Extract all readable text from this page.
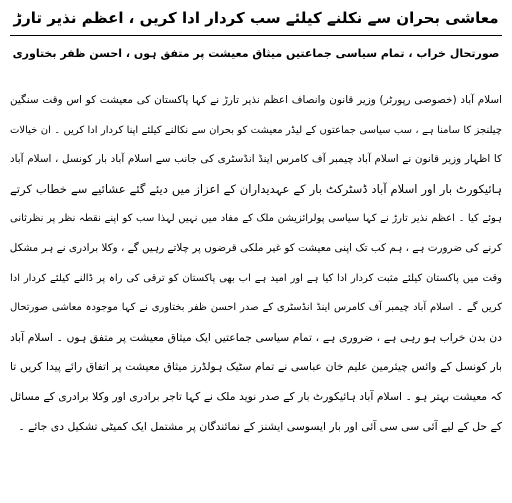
معاشی بحران سے نکلنے کیلئے سب کردار ادا کریں ، اعظم نذیر تارڑ
صورتحال خراب ، تمام سیاسی جماعتیں میثاق معیشت پر متفق ہوں ، احسن ظفر بختاوری
اسلام آباد (خصوصی رپورٹر) وزیر قانون وانصاف اعظم نذیر تارڑ نے کہا پاکستان کی معیشت کو اس وقت سنگین
چیلنجز کا سامنا ہے ، سب سیاسی جماعتوں کے لیڈر معیشت کو بحران سے نکالنے کیلئے اپنا کردار ادا کریں ۔ ان خیالات
کا اظہار وزیر قانون نے اسلام آباد چیمبر آف کامرس اینڈ انڈسٹری کی جانب سے اسلام آباد بار کونسل ، اسلام آباد
ہائیکورٹ بار اور اسلام آباد ڈسٹرکٹ بار کے عہدیداران کے اعزاز میں دیئے گئے عشائیے سے خطاب کرتے
ہوئے کیا ۔ اعظم نذیر تارڑ نے کہا سیاسی پولرائزیشن ملک کے مفاد میں نہیں لہذا سب کو اپنے نقطہ نظر پر نظرثانی
کرنے کی ضرورت ہے ، ہم کب تک اپنی معیشت کو غیر ملکی قرضوں پر چلاتے رہیں گے ، وکلا برادری نے ہر مشکل
وقت میں پاکستان کیلئے مثبت کردار ادا کیا ہے اور امید ہے اب بھی پاکستان کو ترقی کی راہ پر ڈالنے کیلئے کردار ادا
کریں گے ۔ اسلام آباد چیمبر آف کامرس اینڈ انڈسٹری کے صدر احسن ظفر بختاوری نے کہا موجودہ معاشی صورتحال
دن بدن خراب ہو رہی ہے ، ضروری ہے ، تمام سیاسی جماعتیں ایک میثاق معیشت پر متفق ہوں ۔ اسلام آباد
بار کونسل کے وائس چیئرمین علیم خان عباسی نے تمام سٹیک ہولڈرز میثاق معیشت پر اتفاق رائے پیدا کریں تا
کہ معیشت بہتر ہو ۔ اسلام آباد ہائیکورٹ بار کے صدر نوید ملک نے کہا تاجر برادری اور وکلا برادری کے مسائل
کے حل کے لیے آئی سی سی آئی اور بار ایسوسی ایشنز کے نمائندگان پر مشتمل ایک کمیٹی تشکیل دی جائے ۔
